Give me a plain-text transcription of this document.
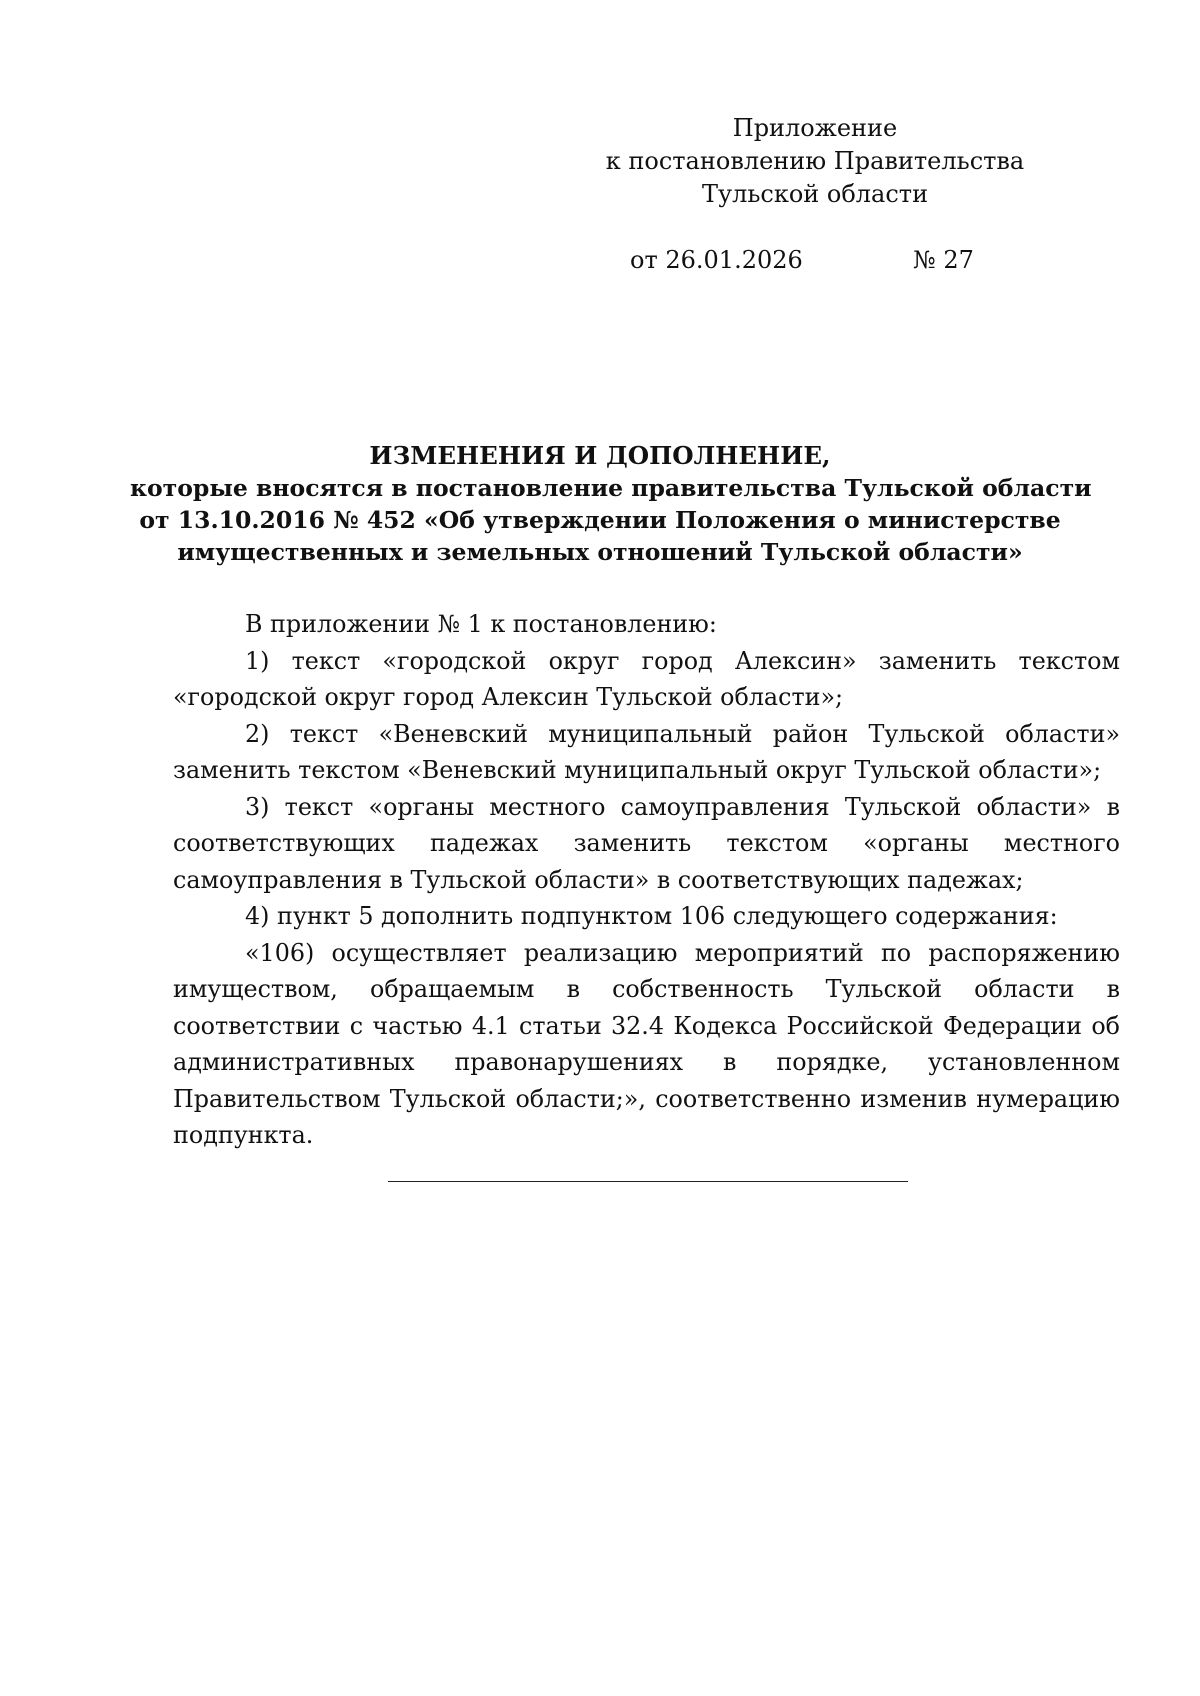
Приложение
к постановлению Правительства
Тульской области
от 26.01.2026	№ 27
ИЗМЕНЕНИЯ И ДОПОЛНЕНИЕ,
которые вносятся в постановление правительства Тульской области
от 13.10.2016 № 452 «Об утверждении Положения о министерстве
имущественных и земельных отношений Тульской области»

В приложении № 1 к постановлению:

1) текст «городской округ город Алексин» заменить текстом «городской округ город Алексин Тульской области»;

2) текст «Веневский муниципальный район Тульской области» заменить текстом «Веневский муниципальный округ Тульской области»;

3) текст «органы местного самоуправления Тульской области» в соответствующих падежах заменить текстом «органы местного самоуправления в Тульской области» в соответствующих падежах;

4) пункт 5 дополнить подпунктом 106 следующего содержания:

«106) осуществляет реализацию мероприятий по распоряжению имуществом, обращаемым в собственность Тульской области в соответствии с частью 4.1 статьи 32.4 Кодекса Российской Федерации об административных правонарушениях в порядке, установленном Правительством Тульской области;», соответственно изменив нумерацию подпункта.
